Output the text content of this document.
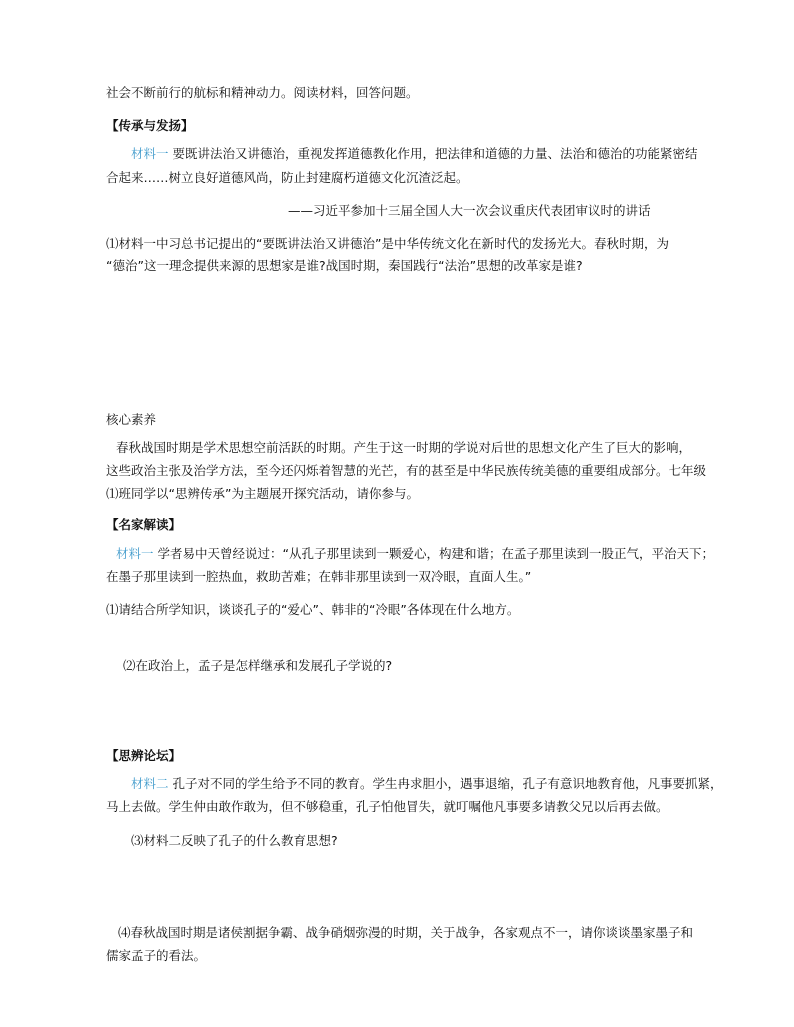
社会不断前行的航标和精神动力。阅读材料，回答问题。
【传承与发扬】
材料一 要既讲法治又讲德治，重视发挥道德教化作用，把法律和道德的力量、法治和德治的功能紧密结
合起来……树立良好道德风尚，防止封建腐朽道德文化沉渣泛起。
——习近平参加十三届全国人大一次会议重庆代表团审议时的讲话
⑴材料一中习总书记提出的“要既讲法治又讲德治”是中华传统文化在新时代的发扬光大。春秋时期，为
“德治”这一理念提供来源的思想家是谁?战国时期，秦国践行“法治”思想的改革家是谁?
核心素养
春秋战国时期是学术思想空前活跃的时期。产生于这一时期的学说对后世的思想文化产生了巨大的影响，
这些政治主张及治学方法，至今还闪烁着智慧的光芒，有的甚至是中华民族传统美德的重要组成部分。七年级
⑴班同学以“思辨传承”为主题展开探究活动，请你参与。
【名家解读】
材料一 学者易中天曾经说过：“从孔子那里读到一颗爱心，构建和谐；在孟子那里读到一股正气，平治天下；
在墨子那里读到一腔热血，救助苦难；在韩非那里读到一双冷眼，直面人生。”
⑴请结合所学知识，谈谈孔子的“爱心”、韩非的“冷眼”各体现在什么地方。
⑵在政治上，孟子是怎样继承和发展孔子学说的?
【思辨论坛】
材料二 孔子对不同的学生给予不同的教育。学生冉求胆小，遇事退缩，孔子有意识地教育他，凡事要抓紧，
马上去做。学生仲由敢作敢为，但不够稳重，孔子怕他冒失，就叮嘱他凡事要多请教父兄以后再去做。
⑶材料二反映了孔子的什么教育思想?
⑷春秋战国时期是诸侯割据争霸、战争硝烟弥漫的时期，关于战争，各家观点不一，请你谈谈墨家墨子和
儒家孟子的看法。
